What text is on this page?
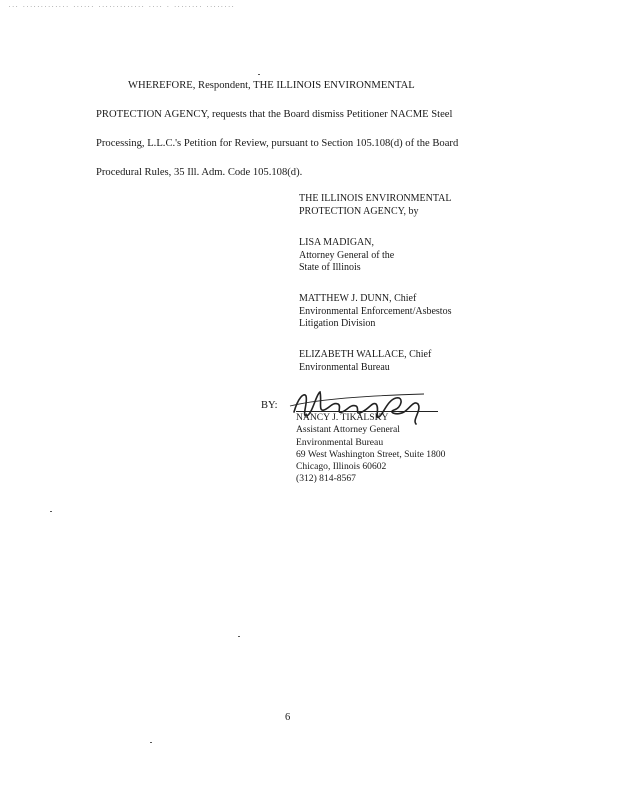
... ............. ...... ............. .... . ........ ........
WHEREFORE, Respondent, THE ILLINOIS ENVIRONMENTAL
PROTECTION AGENCY, requests that the Board dismiss Petitioner NACME Steel
Processing, L.L.C.'s Petition for Review, pursuant to Section 105.108(d) of the Board
Procedural Rules, 35 Ill. Adm. Code 105.108(d).
THE ILLINOIS ENVIRONMENTAL
PROTECTION AGENCY, by
LISA MADIGAN,
Attorney General of the
State of Illinois
MATTHEW J. DUNN, Chief
Environmental Enforcement/Asbestos
Litigation Division
ELIZABETH WALLACE, Chief
Environmental Bureau
BY:
NANCY J. TIKALSKY
Assistant Attorney General
Environmental Bureau
69 West Washington Street, Suite 1800
Chicago, Illinois 60602
(312) 814-8567
6
